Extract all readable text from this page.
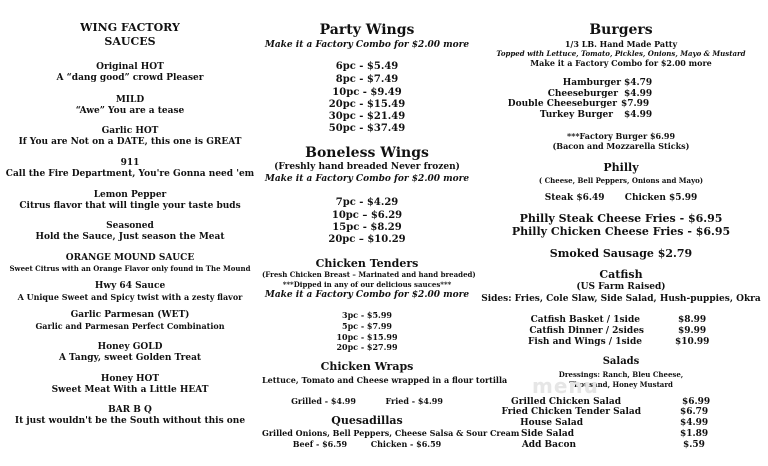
WING FACTORY
SAUCES
Original HOT
A “dang good” crowd Pleaser
MILD
“Awe” You are a tease
Garlic HOT
If You are Not on a DATE, this one is GREAT
911
Call the Fire Department, You're Gonna need 'em
Lemon Pepper
Citrus flavor that will tingle your taste buds
Seasoned
Hold the Sauce, Just season the Meat
ORANGE MOUND SAUCE
Sweet Citrus with an Orange Flavor only found in The Mound
Hwy 64 Sauce
A Unique Sweet and Spicy twist with a zesty flavor
Garlic Parmesan (WET)
Garlic and Parmesan Perfect Combination
Honey GOLD
A Tangy, sweet Golden Treat
Honey HOT
Sweet Meat With a Little HEAT
BAR B Q
It just wouldn't be the South without this one
Party Wings
Make it a Factory Combo for $2.00 more
6pc - $5.49
8pc - $7.49
10pc - $9.49
20pc - $15.49
30pc - $21.49
50pc - $37.49
Boneless Wings
(Freshly hand breaded Never frozen)
Make it a Factory Combo for $2.00 more
7pc - $4.29
10pc – $6.29
15pc - $8.29
20pc – $10.29
Chicken Tenders
(Fresh Chicken Breast – Marinated and hand breaded)
***Dipped in any of our delicious sauces***
Make it a Factory Combo for $2.00 more
3pc - $5.99
5pc - $7.99
10pc - $15.99
20pc - $27.99
Chicken Wraps
Lettuce, Tomato and Cheese wrapped in a flour tortilla
Grilled - $4.99	Fried - $4.99
Quesadillas
Grilled Onions, Bell Peppers, Cheese Salsa & Sour Cream
Beef - $6.59	Chicken - $6.59
Burgers
1/3 LB. Hand Made Patty
Topped with Lettuce, Tomato, Pickles, Onions, Mayo & Mustard
Make it a Factory Combo for $2.00 more
Hamburger $4.79
Cheeseburger $4.99
Double Cheeseburger $7.99
Turkey Burger $4.99
***Factory Burger $6.99
(Bacon and Mozzarella Sticks)
Philly
( Cheese, Bell Peppers, Onions and Mayo)
Steak $6.49 Chicken $5.99
Philly Steak Cheese Fries - $6.95
Philly Chicken Cheese Fries - $6.95
Smoked Sausage $2.79
Catfish
(US Farm Raised)
Sides: Fries, Cole Slaw, Side Salad, Hush-puppies, Okra
Catfish Basket / 1side	$8.99
Catfish Dinner / 2sides	$9.99
Fish and Wings / 1side	$10.99
Salads
Dressings: Ranch, Bleu Cheese,
Thousand, Honey Mustard
Grilled Chicken Salad	$6.99
Fried Chicken Tender Salad	$6.79
House Salad	$4.99
Side Salad	$1.89
Add Bacon	$.59
menu
